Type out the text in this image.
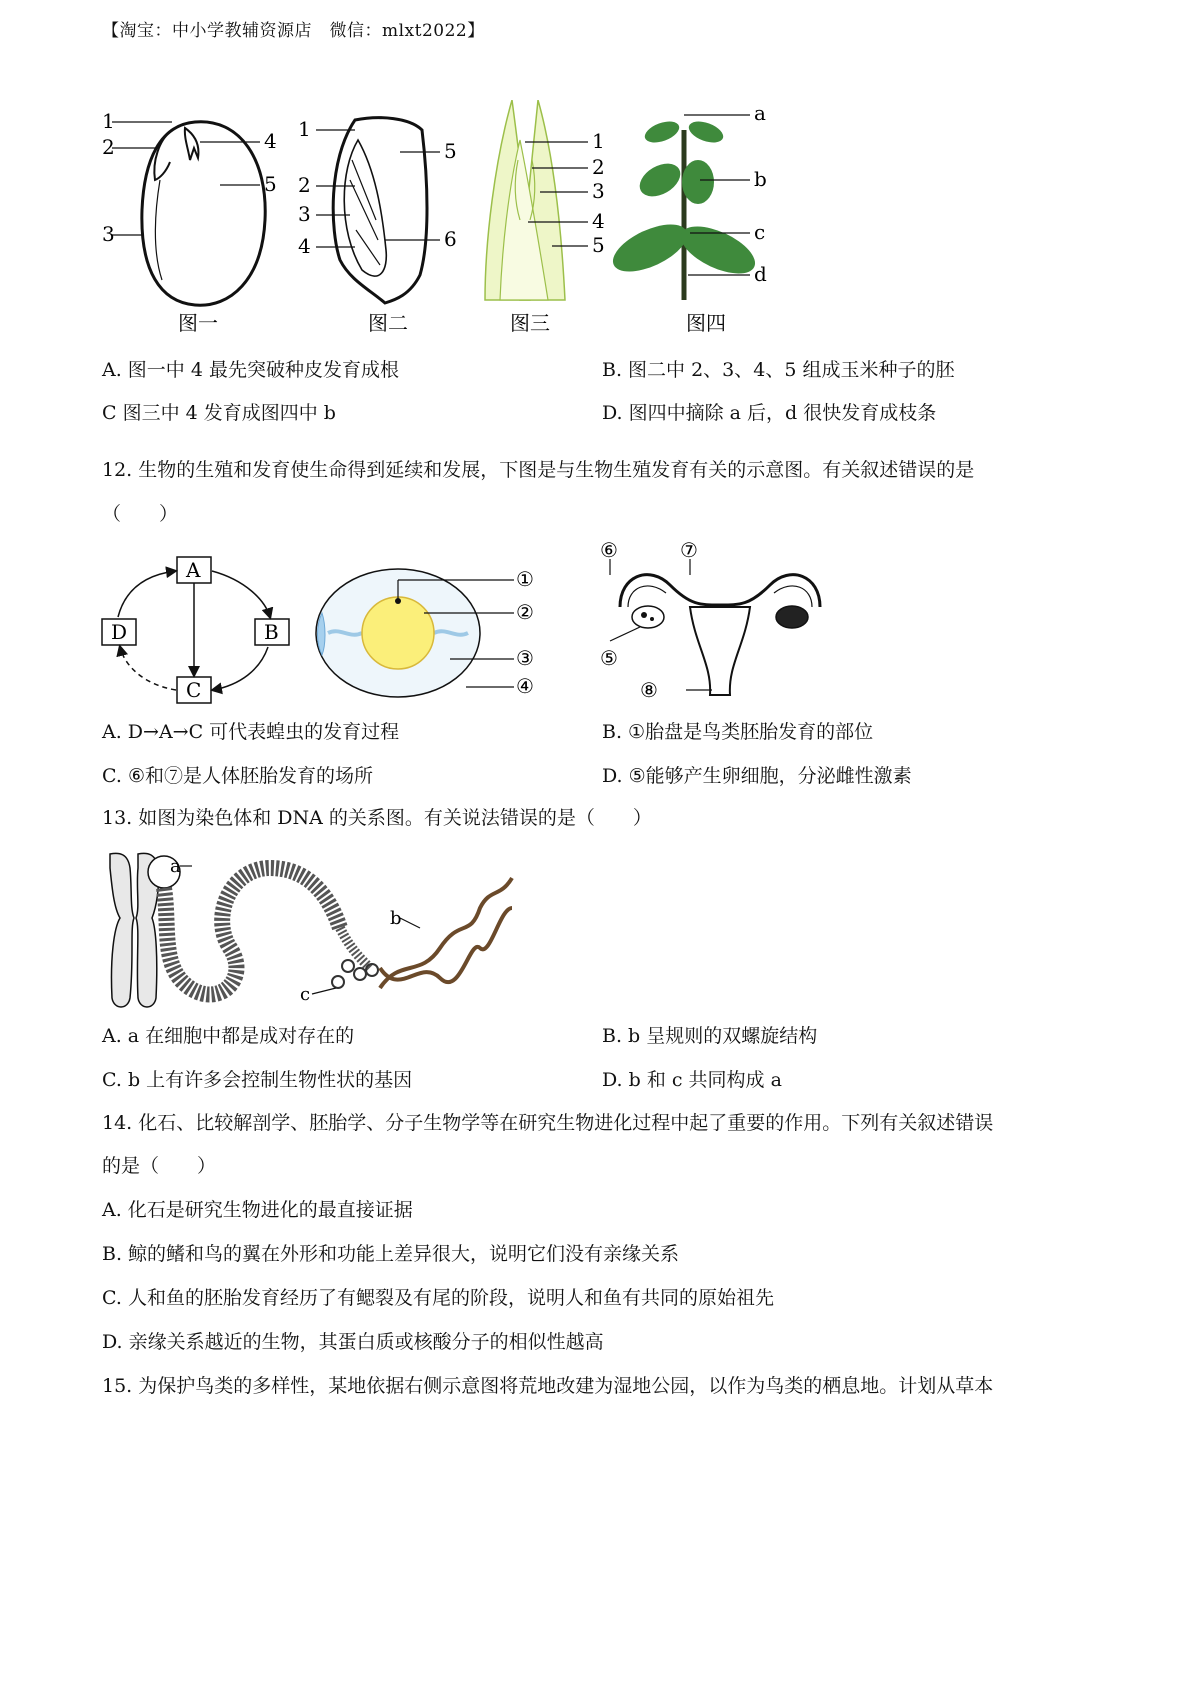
【淘宝：中小学教辅资源店　微信：mlxt2022】
1
2
3
4
5
图一
1
2
3
4
5
6
图二
1
2
3
4
5
图三
a
b
c
d
图四
A. 图一中 4 最先突破种皮发育成根	B. 图二中 2、3、4、5 组成玉米种子的胚
C 图三中 4 发育成图四中 b	D. 图四中摘除 a 后，d 很快发育成枝条
12. 生物的生殖和发育使生命得到延续和发展，下图是与生物生殖发育有关的示意图。有关叙述错误的是
（　　）
A
B
C
D
①
②
③
④
⑥	⑦
⑤
⑧
A. D→A→C 可代表蝗虫的发育过程	B. ①胎盘是鸟类胚胎发育的部位
C. ⑥和⑦是人体胚胎发育的场所	D. ⑤能够产生卵细胞，分泌雌性激素
13. 如图为染色体和 DNA 的关系图。有关说法错误的是（　　）
a
c
b
A. a 在细胞中都是成对存在的	B. b 呈规则的双螺旋结构
C. b 上有许多会控制生物性状的基因	D. b 和 c 共同构成 a
14. 化石、比较解剖学、胚胎学、分子生物学等在研究生物进化过程中起了重要的作用。下列有关叙述错误
的是（　　）
A. 化石是研究生物进化的最直接证据
B. 鲸的鳍和鸟的翼在外形和功能上差异很大，说明它们没有亲缘关系
C. 人和鱼的胚胎发育经历了有鳃裂及有尾的阶段，说明人和鱼有共同的原始祖先
D. 亲缘关系越近的生物，其蛋白质或核酸分子的相似性越高
15. 为保护鸟类的多样性，某地依据右侧示意图将荒地改建为湿地公园，以作为鸟类的栖息地。计划从草本
